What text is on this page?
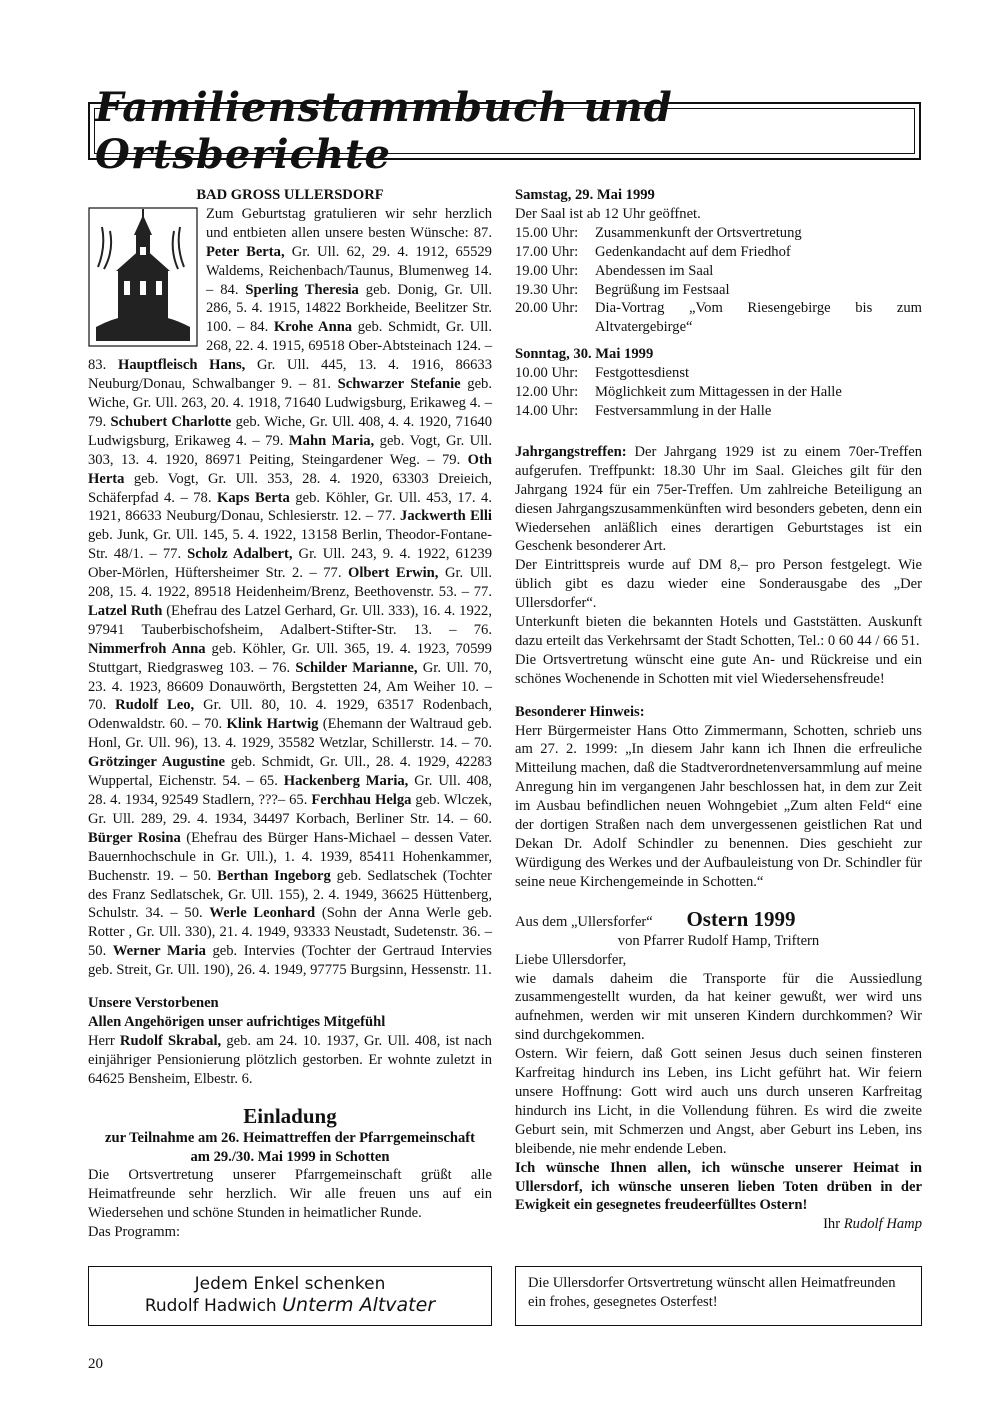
Familienstammbuch und Ortsberichte

BAD GROSS ULLERSDORF

Zum Geburtstag gratulieren wir sehr herzlich und entbieten allen unsere besten Wünsche: 87. Peter Berta, Gr. Ull. 62, 29. 4. 1912, 65529 Waldems, Reichenbach/Taunus, Blumenweg 14. – 84. Sperling Theresia geb. Donig, Gr. Ull. 286, 5. 4. 1915, 14822 Borkheide, Beelitzer Str. 100. – 84. Krohe Anna geb. Schmidt, Gr. Ull. 268, 22. 4. 1915, 69518 Ober-Abtsteinach 124. – 83. Hauptfleisch Hans, Gr. Ull. 445, 13. 4. 1916, 86633 Neuburg/Donau, Schwalbanger 9. – 81. Schwarzer Stefanie geb. Wiche, Gr. Ull. 263, 20. 4. 1918, 71640 Ludwigsburg, Erikaweg 4. – 79. Schubert Charlotte geb. Wiche, Gr. Ull. 408, 4. 4. 1920, 71640 Ludwigsburg, Erikaweg 4. – 79. Mahn Maria, geb. Vogt, Gr. Ull. 303, 13. 4. 1920, 86971 Peiting, Steingardener Weg. – 79. Oth Herta geb. Vogt, Gr. Ull. 353, 28. 4. 1920, 63303 Dreieich, Schäferpfad 4. – 78. Kaps Berta geb. Köhler, Gr. Ull. 453, 17. 4. 1921, 86633 Neuburg/Donau, Schlesierstr. 12. – 77. Jackwerth Elli geb. Junk, Gr. Ull. 145, 5. 4. 1922, 13158 Berlin, Theodor-Fontane-Str. 48/1. – 77. Scholz Adalbert, Gr. Ull. 243, 9. 4. 1922, 61239 Ober-Mörlen, Hüftersheimer Str. 2. – 77. Olbert Erwin, Gr. Ull. 208, 15. 4. 1922, 89518 Heidenheim/Brenz, Beethovenstr. 53. – 77. Latzel Ruth (Ehefrau des Latzel Gerhard, Gr. Ull. 333), 16. 4. 1922, 97941 Tauberbischofsheim, Adalbert-Stifter-Str. 13. – 76. Nimmerfroh Anna geb. Köhler, Gr. Ull. 365, 19. 4. 1923, 70599 Stuttgart, Riedgrasweg 103. – 76. Schilder Marianne, Gr. Ull. 70, 23. 4. 1923, 86609 Donauwörth, Bergstetten 24, Am Weiher 10. – 70. Rudolf Leo, Gr. Ull. 80, 10. 4. 1929, 63517 Rodenbach, Odenwaldstr. 60. – 70. Klink Hartwig (Ehemann der Waltraud geb. Honl, Gr. Ull. 96), 13. 4. 1929, 35582 Wetzlar, Schillerstr. 14. – 70. Grötzinger Augustine geb. Schmidt, Gr. Ull., 28. 4. 1929, 42283 Wuppertal, Eichenstr. 54. – 65. Hackenberg Maria, Gr. Ull. 408, 28. 4. 1934, 92549 Stadlern, ???– 65. Ferchhau Helga geb. Wlczek, Gr. Ull. 289, 29. 4. 1934, 34497 Korbach, Berliner Str. 14. – 60. Bürger Rosina (Ehefrau des Bürger Hans-Michael – dessen Vater. Bauernhochschule in Gr. Ull.), 1. 4. 1939, 85411 Hohenkammer, Buchenstr. 19. – 50. Berthan Ingeborg geb. Sedlatschek (Tochter des Franz Sedlatschek, Gr. Ull. 155), 2. 4. 1949, 36625 Hüttenberg, Schulstr. 34. – 50. Werle Leonhard (Sohn der Anna Werle geb. Rotter , Gr. Ull. 330), 21. 4. 1949, 93333 Neustadt, Sudetenstr. 36. – 50. Werner Maria geb. Intervies (Tochter der Gertraud Intervies geb. Streit, Gr. Ull. 190), 26. 4. 1949, 97775 Burgsinn, Hessenstr. 11.

Unsere Verstorbenen

Allen Angehörigen unser aufrichtiges Mitgefühl

Herr Rudolf Skrabal, geb. am 24. 10. 1937, Gr. Ull. 408, ist nach einjähriger Pensionierung plötzlich gestorben. Er wohnte zuletzt in 64625 Bensheim, Elbestr. 6.

Einladung

zur Teilnahme am 26. Heimattreffen der Pfarrgemeinschaft

am 29./30. Mai 1999 in Schotten

Die Ortsvertretung unserer Pfarrgemeinschaft grüßt alle Heimatfreunde sehr herzlich. Wir alle freuen uns auf ein Wiedersehen und schöne Stunden in heimatlicher Runde.

Das Programm:

Samstag, 29. Mai 1999

Der Saal ist ab 12 Uhr geöffnet.

15.00 Uhr:	Zusammenkunft der Ortsvertretung
17.00 Uhr:	Gedenkandacht auf dem Friedhof
19.00 Uhr:	Abendessen im Saal
19.30 Uhr:	Begrüßung im Festsaal
20.00 Uhr:	Dia-Vortrag „Vom Riesengebirge bis zum Altvatergebirge“

Sonntag, 30. Mai 1999

10.00 Uhr:	Festgottesdienst
12.00 Uhr:	Möglichkeit zum Mittagessen in der Halle
14.00 Uhr:	Festversammlung in der Halle

Jahrgangstreffen: Der Jahrgang 1929 ist zu einem 70er-Treffen aufgerufen. Treffpunkt: 18.30 Uhr im Saal. Gleiches gilt für den Jahrgang 1924 für ein 75er-Treffen. Um zahlreiche Beteiligung an diesen Jahrgangszusammenkünften wird besonders gebeten, denn ein Wiedersehen anläßlich eines derartigen Geburtstages ist ein Geschenk besonderer Art.

Der Eintrittspreis wurde auf DM 8,– pro Person festgelegt. Wie üblich gibt es dazu wieder eine Sonderausgabe des „Der Ullersdorfer“.

Unterkunft bieten die bekannten Hotels und Gaststätten. Auskunft dazu erteilt das Verkehrsamt der Stadt Schotten, Tel.: 0 60 44 / 66 51.

Die Ortsvertretung wünscht eine gute An- und Rückreise und ein schönes Wochenende in Schotten mit viel Wiedersehensfreude!

Besonderer Hinweis:

Herr Bürgermeister Hans Otto Zimmermann, Schotten, schrieb uns am 27. 2. 1999: „In diesem Jahr kann ich Ihnen die erfreuliche Mitteilung machen, daß die Stadtverordnetenversammlung auf meine Anregung hin im vergangenen Jahr beschlossen hat, in dem zur Zeit im Ausbau befindlichen neuen Wohngebiet „Zum alten Feld“ eine der dortigen Straßen nach dem unvergessenen geistlichen Rat und Dekan Dr. Adolf Schindler zu benennen. Dies geschieht zur Würdigung des Werkes und der Aufbauleistung von Dr. Schindler für seine neue Kirchengemeinde in Schotten.“

Aus dem „Ullersforfer“ Ostern 1999

von Pfarrer Rudolf Hamp, Triftern

Liebe Ullersdorfer,

wie damals daheim die Transporte für die Aussiedlung zusammengestellt wurden, da hat keiner gewußt, wer wird uns aufnehmen, werden wir mit unseren Kindern durchkommen? Wir sind durchgekommen.

Ostern. Wir feiern, daß Gott seinen Jesus duch seinen finsteren Karfreitag hindurch ins Leben, ins Licht geführt hat. Wir feiern unsere Hoffnung: Gott wird auch uns durch unseren Karfreitag hindurch ins Licht, in die Vollendung führen. Es wird die zweite Geburt sein, mit Schmerzen und Angst, aber Geburt ins Leben, ins bleibende, nie mehr endende Leben.

Ich wünsche Ihnen allen, ich wünsche unserer Heimat in Ullersdorf, ich wünsche unseren lieben Toten drüben in der Ewigkeit ein gesegnetes freudeerfülltes Ostern!

Ihr Rudolf Hamp

Jedem Enkel schenken
Rudolf Hadwich Unterm Altvater
Die Ullersdorfer Ortsvertretung wünscht allen Heimatfreunden ein frohes, gesegnetes Osterfest!
20
